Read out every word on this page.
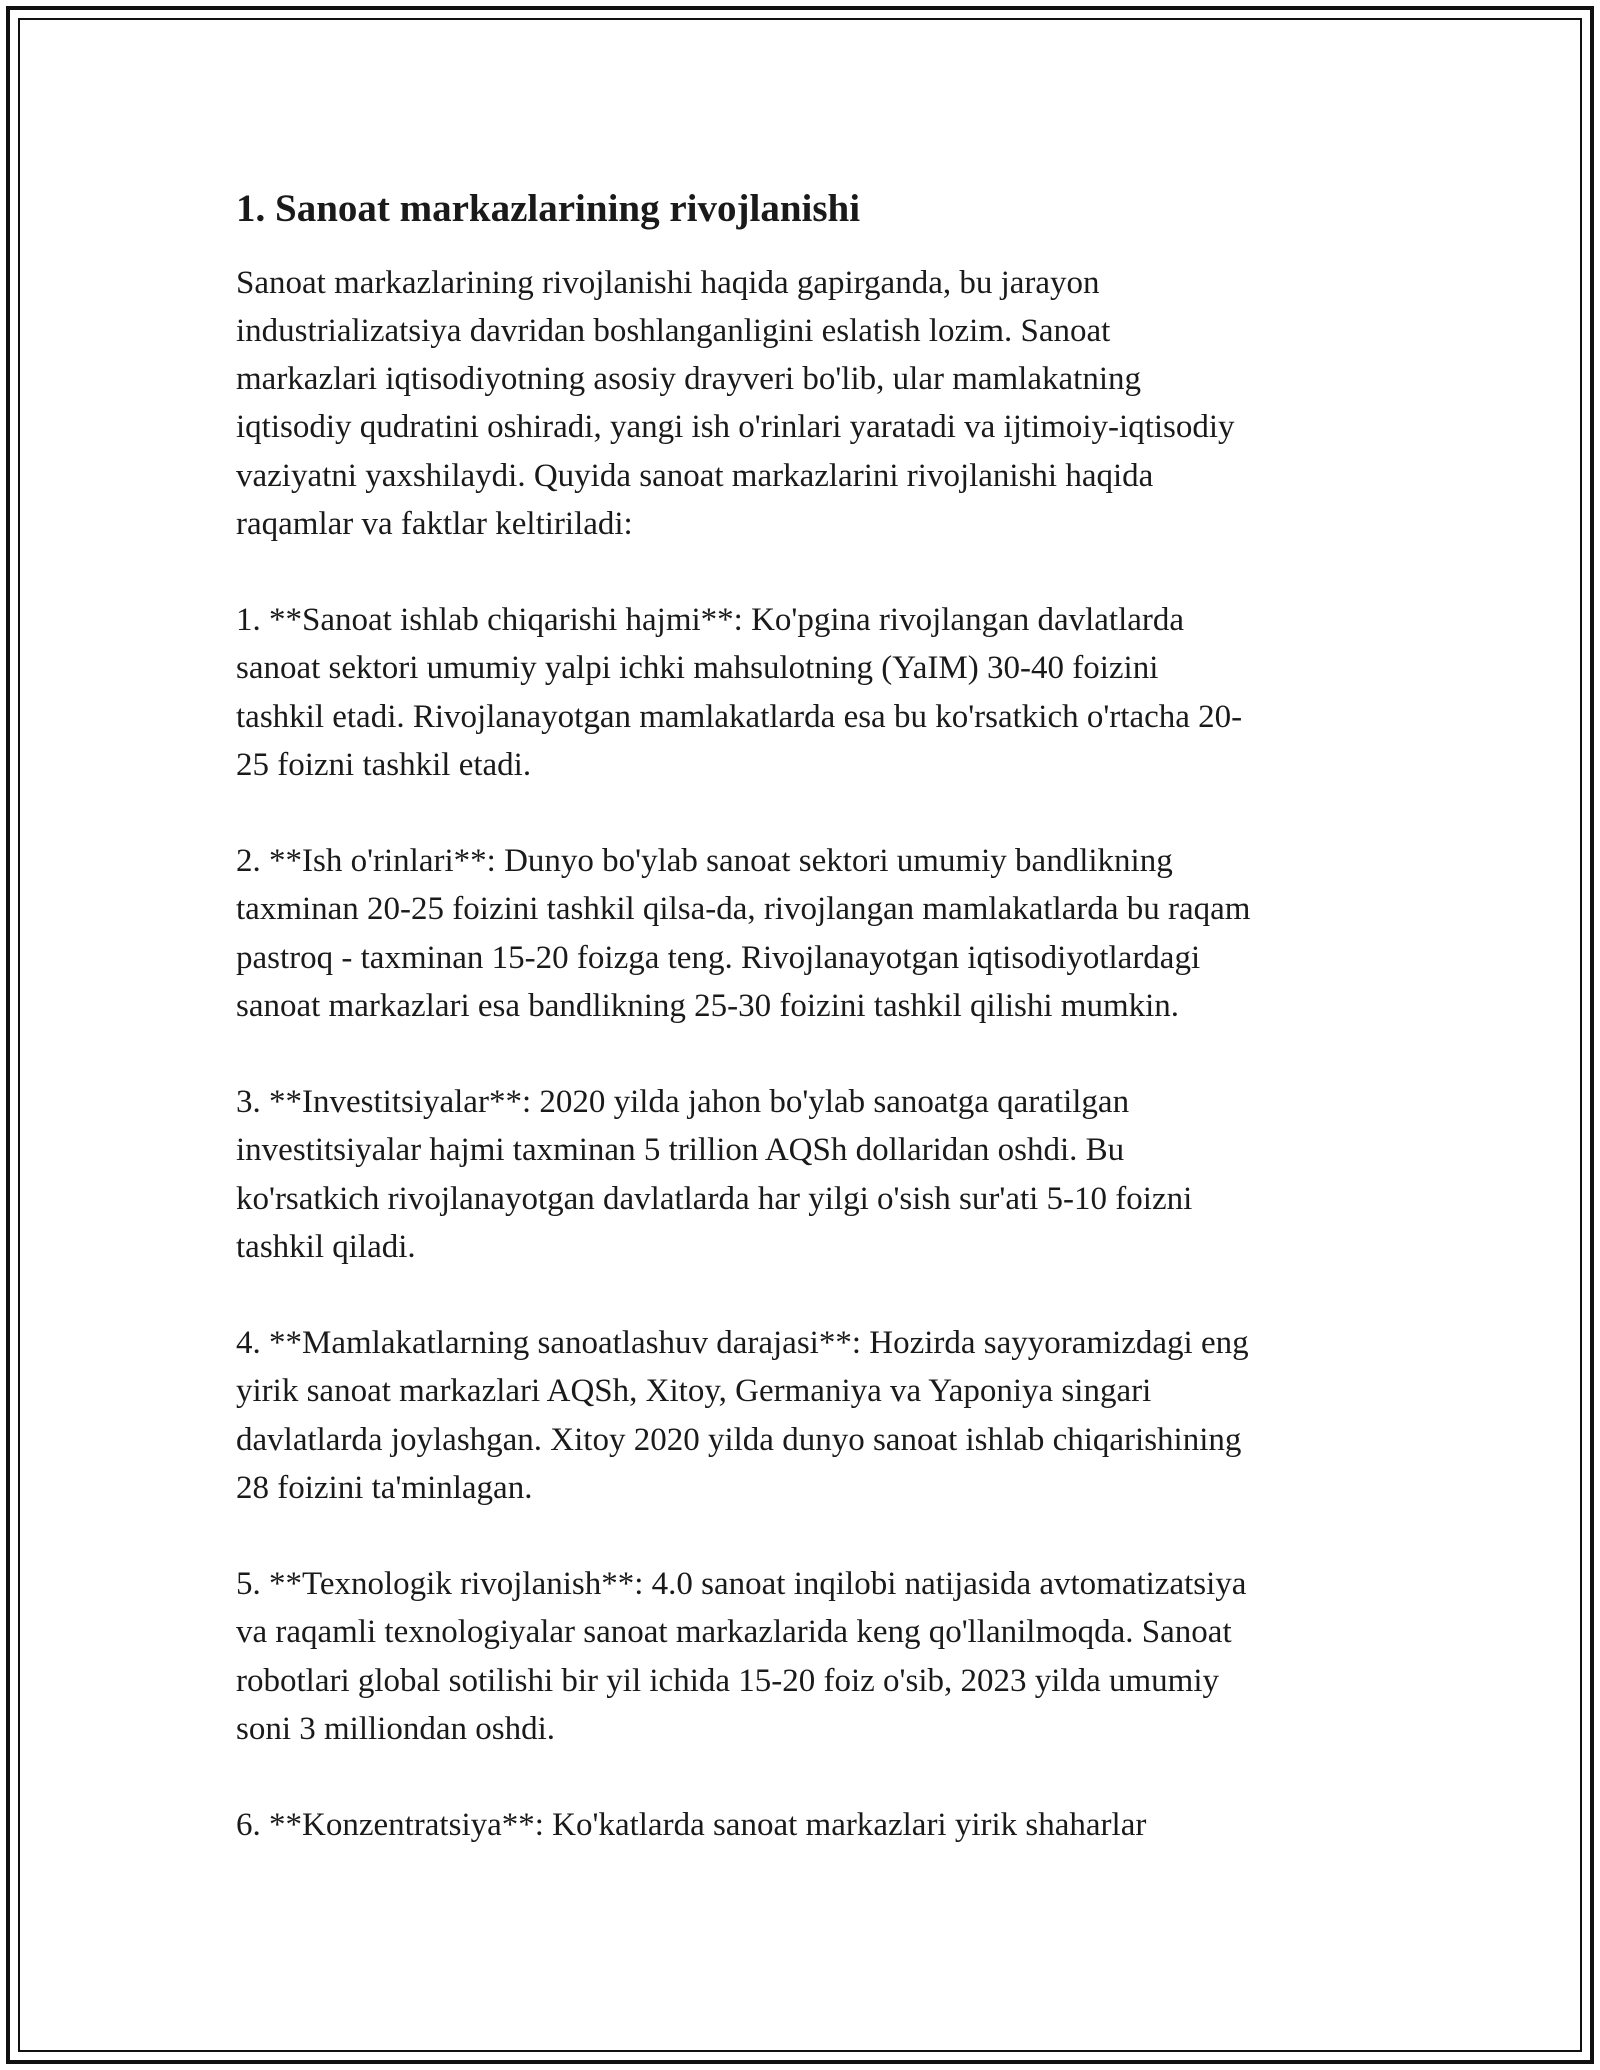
1. Sanoat markazlarining rivojlanishi

Sanoat markazlarining rivojlanishi haqida gapirganda, bu jarayon
industrializatsiya davridan boshlanganligini eslatish lozim. Sanoat
markazlari iqtisodiyotning asosiy drayveri bo'lib, ular mamlakatning
iqtisodiy qudratini oshiradi, yangi ish o'rinlari yaratadi va ijtimoiy-iqtisodiy
vaziyatni yaxshilaydi. Quyida sanoat markazlarini rivojlanishi haqida
raqamlar va faktlar keltiriladi:

1. **Sanoat ishlab chiqarishi hajmi**: Ko'pgina rivojlangan davlatlarda
sanoat sektori umumiy yalpi ichki mahsulotning (YaIM) 30-40 foizini
tashkil etadi. Rivojlanayotgan mamlakatlarda esa bu ko'rsatkich o'rtacha 20-
25 foizni tashkil etadi.

2. **Ish o'rinlari**: Dunyo bo'ylab sanoat sektori umumiy bandlikning
taxminan 20-25 foizini tashkil qilsa-da, rivojlangan mamlakatlarda bu raqam
pastroq - taxminan 15-20 foizga teng. Rivojlanayotgan iqtisodiyotlardagi
sanoat markazlari esa bandlikning 25-30 foizini tashkil qilishi mumkin.

3. **Investitsiyalar**: 2020 yilda jahon bo'ylab sanoatga qaratilgan
investitsiyalar hajmi taxminan 5 trillion AQSh dollaridan oshdi. Bu
ko'rsatkich rivojlanayotgan davlatlarda har yilgi o'sish sur'ati 5-10 foizni
tashkil qiladi.

4. **Mamlakatlarning sanoatlashuv darajasi**: Hozirda sayyoramizdagi eng
yirik sanoat markazlari AQSh, Xitoy, Germaniya va Yaponiya singari
davlatlarda joylashgan. Xitoy 2020 yilda dunyo sanoat ishlab chiqarishining
28 foizini ta'minlagan.

5. **Texnologik rivojlanish**: 4.0 sanoat inqilobi natijasida avtomatizatsiya
va raqamli texnologiyalar sanoat markazlarida keng qo'llanilmoqda. Sanoat
robotlari global sotilishi bir yil ichida 15-20 foiz o'sib, 2023 yilda umumiy
soni 3 milliondan oshdi.

6. **Konzentratsiya**: Ko'katlarda sanoat markazlari yirik shaharlar
